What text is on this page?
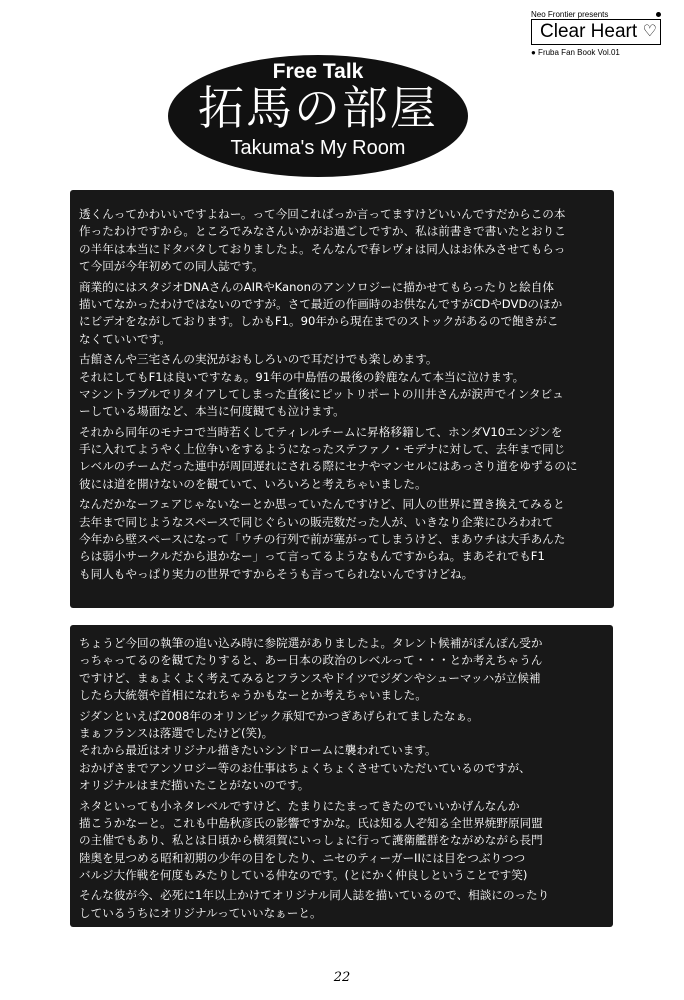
Neo Frontier presents
Clear Heart ♡
● Fruba Fan Book Vol.01
Free Talk
拓馬の部屋
Takuma's My Room
透くんってかわいいですよねー。って今回こればっか言ってますけどいいんですだからこの本
作ったわけですから。ところでみなさんいかがお過ごしですか、私は前書きで書いたとおりこ
の半年は本当にドタバタしておりましたよ。そんなんで春レヴォは同人はお休みさせてもらっ
て今回が今年初めての同人誌です。
商業的にはスタジオDNAさんのAIRやKanonのアンソロジーに描かせてもらったりと絵自体
描いてなかったわけではないのですが。さて最近の作画時のお供なんですがCDやDVDのほか
にビデオをながしております。しかもF1。90年から現在までのストックがあるので飽きがこ
なくていいです。
古館さんや三宅さんの実況がおもしろいので耳だけでも楽しめます。
それにしてもF1は良いですなぁ。91年の中島悟の最後の鈴鹿なんて本当に泣けます。
マシントラブルでリタイアしてしまった直後にピットリポートの川井さんが涙声でインタビュ
ーしている場面など、本当に何度観ても泣けます。
それから同年のモナコで当時若くしてティレルチームに昇格移籍して、ホンダV10エンジンを
手に入れてようやく上位争いをするようになったステファノ・モデナに対して、去年まで同じ
レベルのチームだった連中が周回遅れにされる際にセナやマンセルにはあっさり道をゆずるのに
彼には道を開けないのを観ていて、いろいろと考えちゃいました。
なんだかなーフェアじゃないなーとか思っていたんですけど、同人の世界に置き換えてみると
去年まで同じようなスペースで同じぐらいの販売数だった人が、いきなり企業にひろわれて
今年から壁スペースになって「ウチの行列で前が塞がってしまうけど、まあウチは大手あんた
らは弱小サークルだから退かなー」って言ってるようなもんですからね。まあそれでもF1
も同人もやっぱり実力の世界ですからそうも言ってられないんですけどね。
ちょうど今回の執筆の追い込み時に参院選がありましたよ。タレント候補がぽんぽん受か
っちゃってるのを観てたりすると、あー日本の政治のレベルって・・・とか考えちゃうん
ですけど、まぁよくよく考えてみるとフランスやドイツでジダンやシューマッハが立候補
したら大統領や首相になれちゃうかもなーとか考えちゃいました。
ジダンといえば2008年のオリンピック承知でかつぎあげられてましたなぁ。
まぁフランスは落選でしたけど(笑)。
それから最近はオリジナル描きたいシンドロームに襲われています。
おかげさまでアンソロジー等のお仕事はちょくちょくさせていただいているのですが、
オリジナルはまだ描いたことがないのです。
ネタといっても小ネタレベルですけど、たまりにたまってきたのでいいかげんなんか
描こうかなーと。これも中島秋彦氏の影響ですかな。氏は知る人ぞ知る全世界焼野原同盟
の主催でもあり、私とは日頃から横須賀にいっしょに行って護衛艦群をながめながら長門
陸奥を見つめる昭和初期の少年の目をしたり、ニセのティーガーIIには目をつぶりつつ
バルジ大作戦を何度もみたりしている仲なのです。(とにかく仲良しということです笑)
そんな彼が今、必死に1年以上かけてオリジナル同人誌を描いているので、相談にのったり
しているうちにオリジナルっていいなぁーと。
22
